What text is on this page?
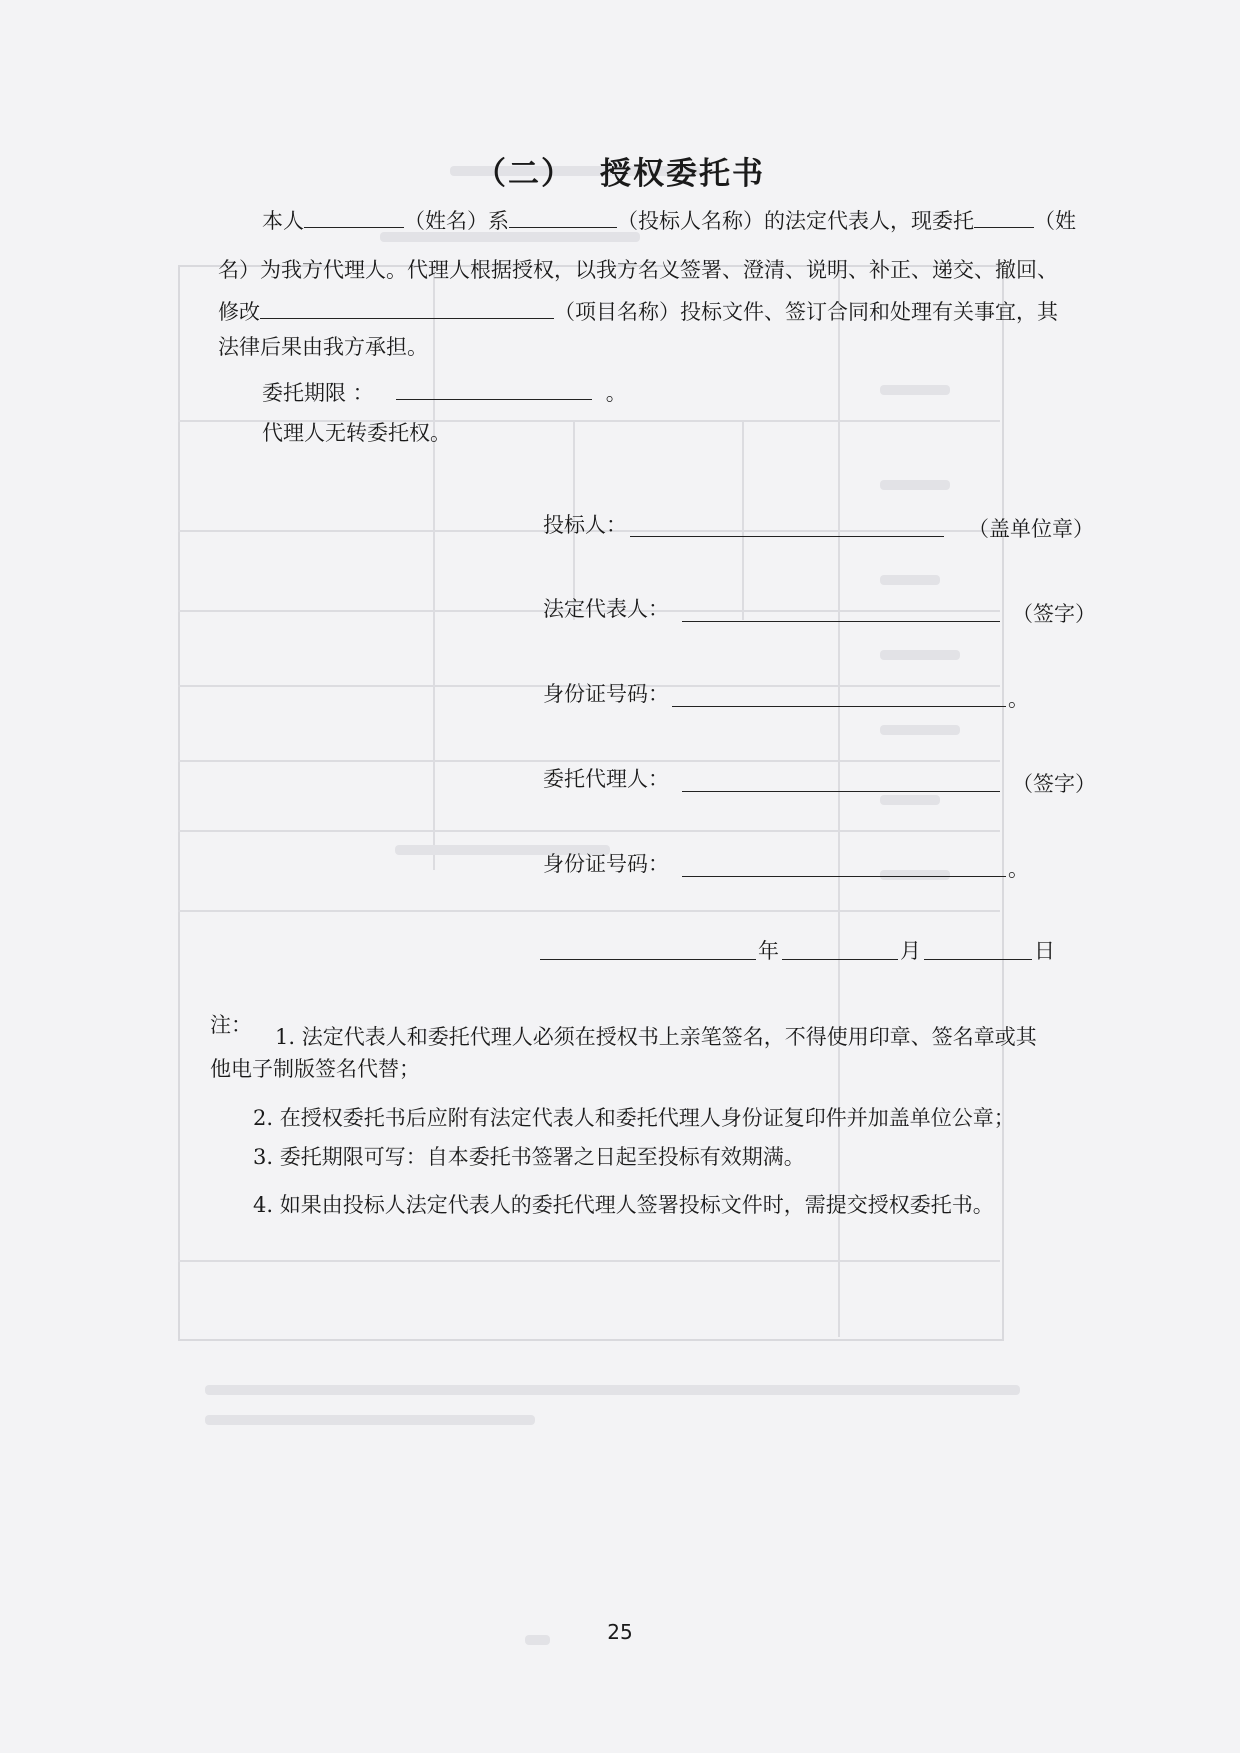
（二） 授权委托书
本人	（姓名）系	（投标人名称）的法定代表人，现委托	（姓
名）为我方代理人。代理人根据授权，以我方名义签署、澄清、说明、补正、递交、撤回、
修改	（项目名称）投标文件、签订合同和处理有关事宜，其
法律后果由我方承担。
委托期限 ：	。
代理人无转委托权。
投标人：	（盖单位章）
法定代表人：	（签字）
身份证号码：	。
委托代理人：	（签字）
身份证号码：	。
年	月	日
注： 1. 法定代表人和委托代理人必须在授权书上亲笔签名，不得使用印章、签名章或其
他电子制版签名代替；
2. 在授权委托书后应附有法定代表人和委托代理人身份证复印件并加盖单位公章；
3. 委托期限可写：自本委托书签署之日起至投标有效期满。
4. 如果由投标人法定代表人的委托代理人签署投标文件时，需提交授权委托书。
25
